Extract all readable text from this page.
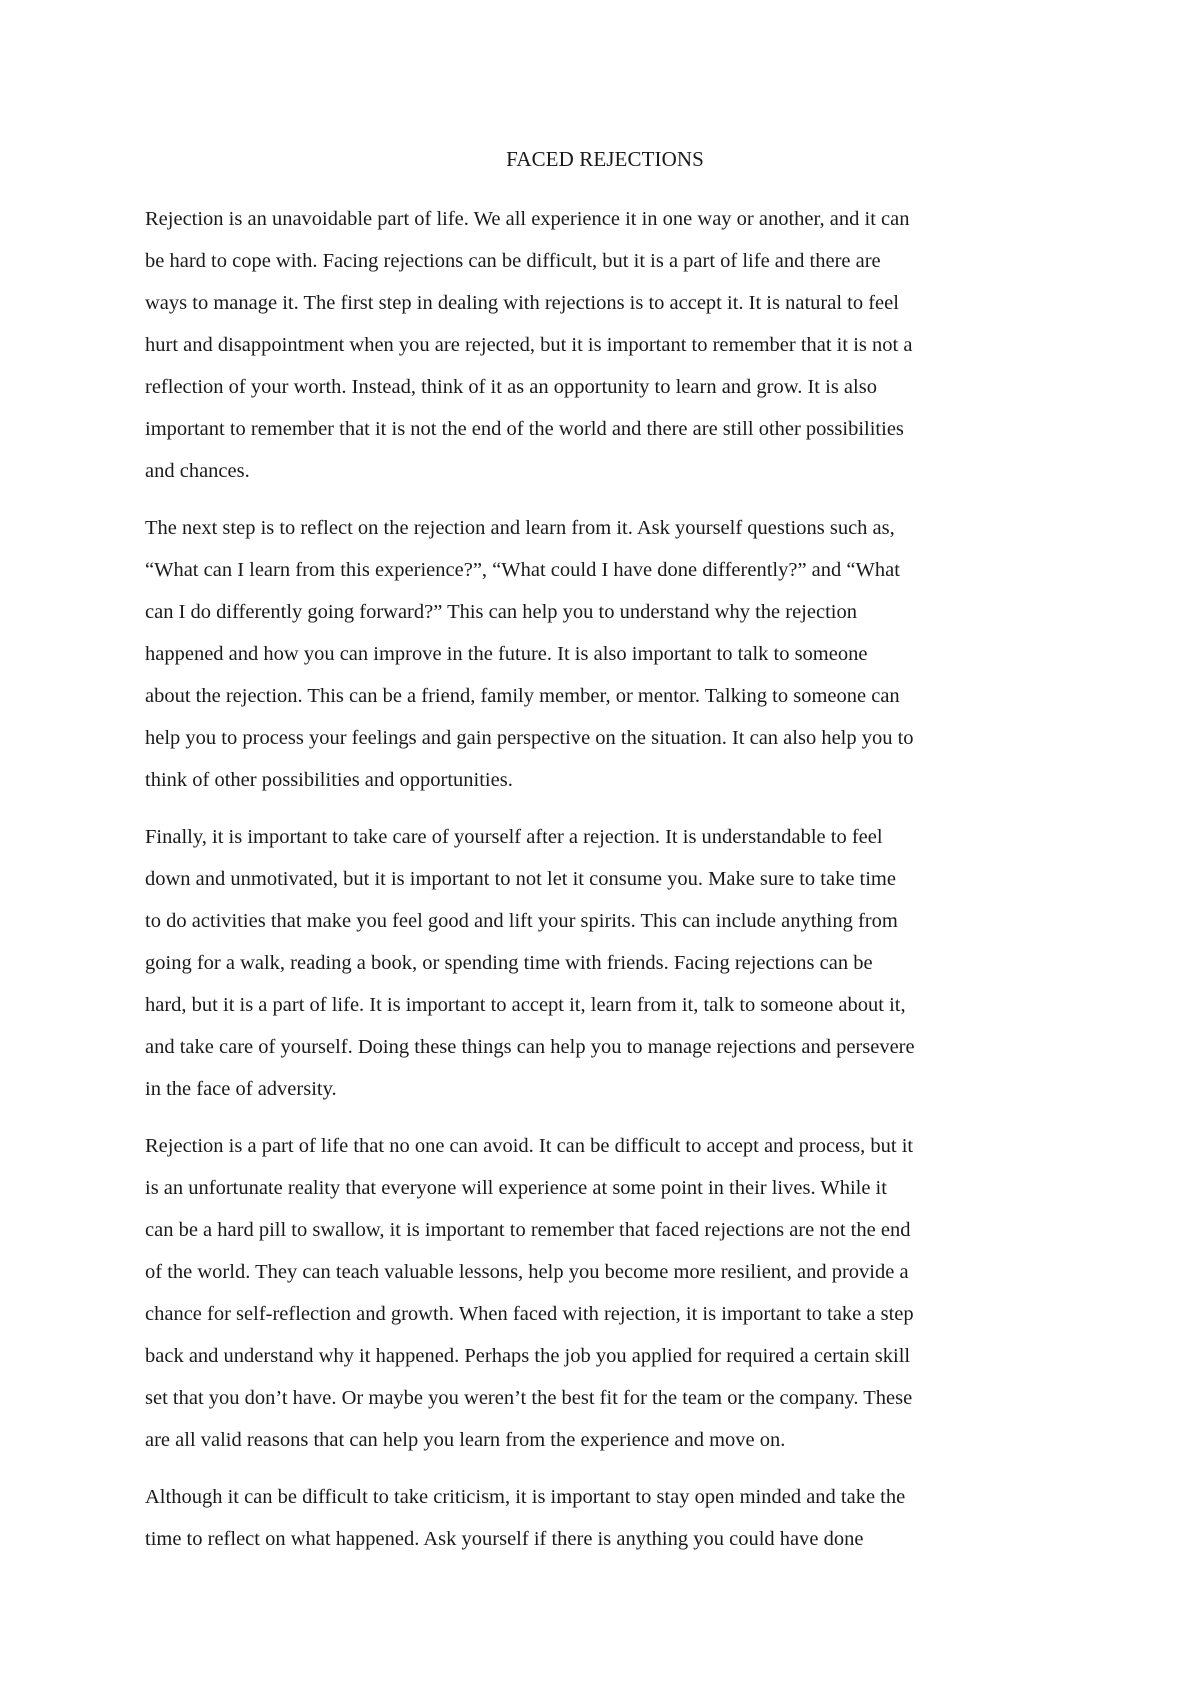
FACED REJECTIONS

Rejection is an unavoidable part of life. We all experience it in one way or another, and it can
be hard to cope with. Facing rejections can be difficult, but it is a part of life and there are
ways to manage it. The first step in dealing with rejections is to accept it. It is natural to feel
hurt and disappointment when you are rejected, but it is important to remember that it is not a
reflection of your worth. Instead, think of it as an opportunity to learn and grow. It is also
important to remember that it is not the end of the world and there are still other possibilities
and chances.

The next step is to reflect on the rejection and learn from it. Ask yourself questions such as,
“What can I learn from this experience?”, “What could I have done differently?” and “What
can I do differently going forward?” This can help you to understand why the rejection
happened and how you can improve in the future. It is also important to talk to someone
about the rejection. This can be a friend, family member, or mentor. Talking to someone can
help you to process your feelings and gain perspective on the situation. It can also help you to
think of other possibilities and opportunities.

Finally, it is important to take care of yourself after a rejection. It is understandable to feel
down and unmotivated, but it is important to not let it consume you. Make sure to take time
to do activities that make you feel good and lift your spirits. This can include anything from
going for a walk, reading a book, or spending time with friends. Facing rejections can be
hard, but it is a part of life. It is important to accept it, learn from it, talk to someone about it,
and take care of yourself. Doing these things can help you to manage rejections and persevere
in the face of adversity.

Rejection is a part of life that no one can avoid. It can be difficult to accept and process, but it
is an unfortunate reality that everyone will experience at some point in their lives. While it
can be a hard pill to swallow, it is important to remember that faced rejections are not the end
of the world. They can teach valuable lessons, help you become more resilient, and provide a
chance for self-reflection and growth. When faced with rejection, it is important to take a step
back and understand why it happened. Perhaps the job you applied for required a certain skill
set that you don’t have. Or maybe you weren’t the best fit for the team or the company. These
are all valid reasons that can help you learn from the experience and move on.

Although it can be difficult to take criticism, it is important to stay open minded and take the
time to reflect on what happened. Ask yourself if there is anything you could have done
